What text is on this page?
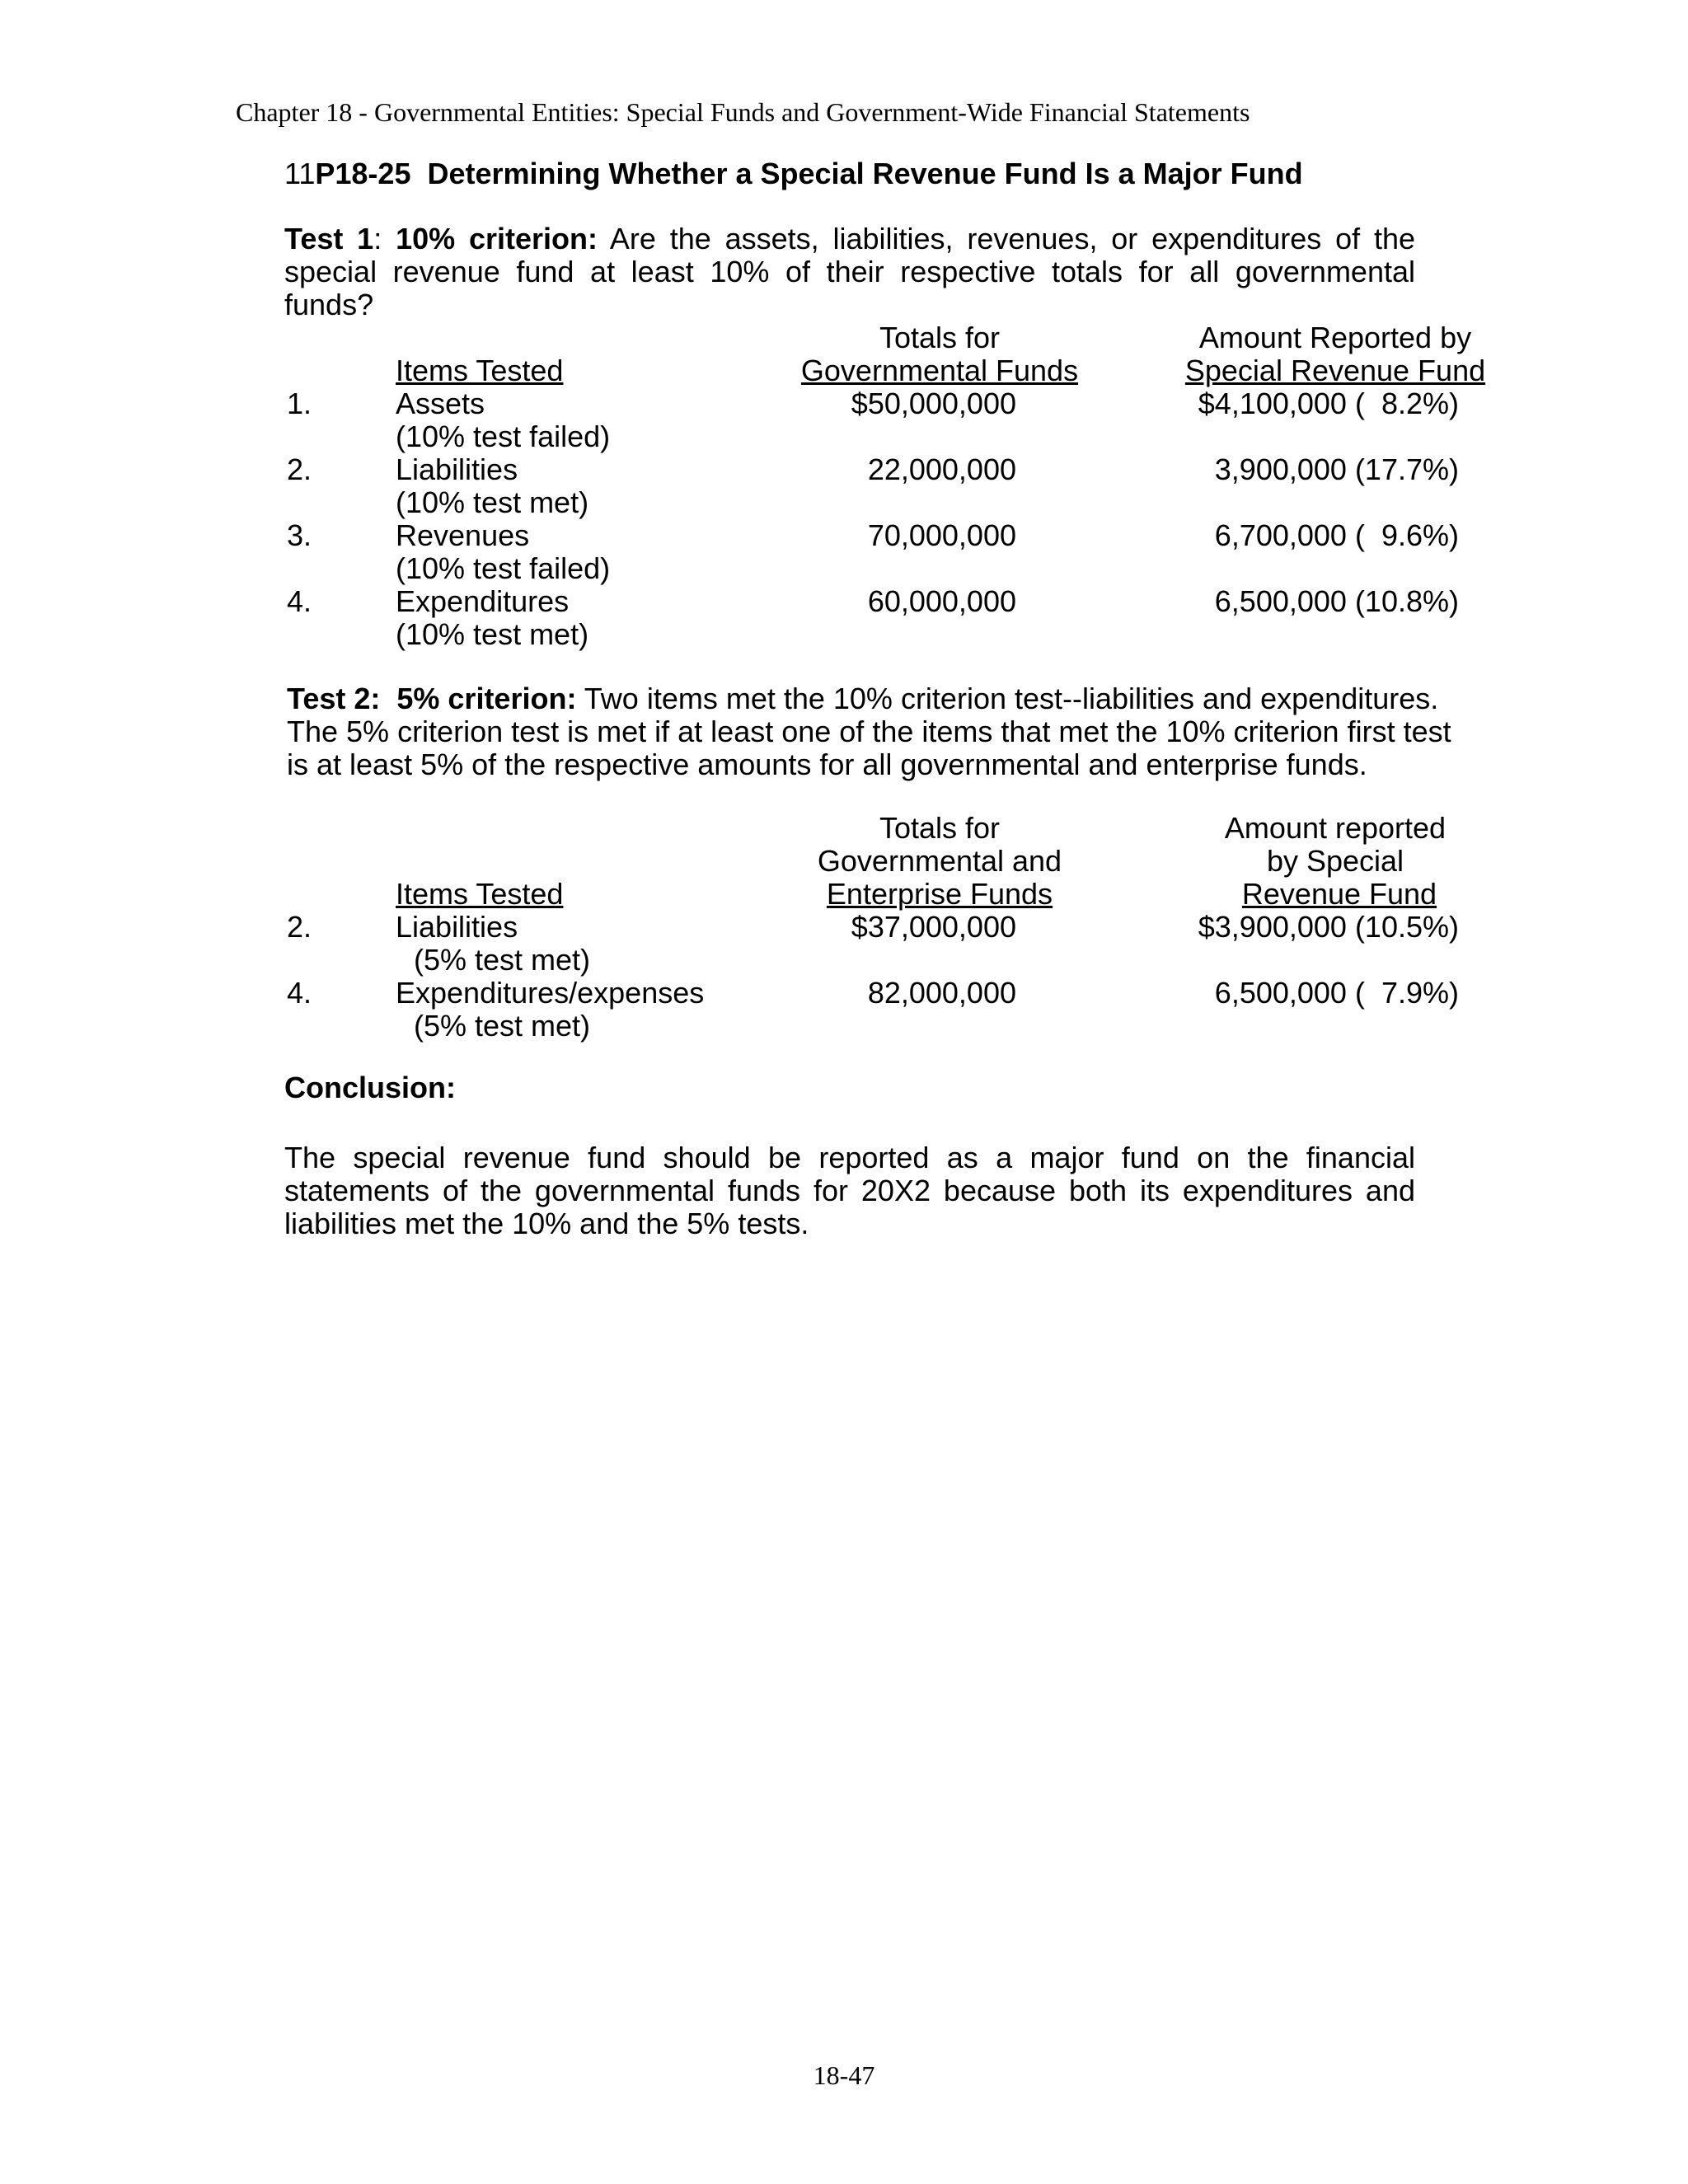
Chapter 18 - Governmental Entities: Special Funds and Government-Wide Financial Statements
11P18-25  Determining Whether a Special Revenue Fund Is a Major Fund
Test 1: 10% criterion: Are the assets, liabilities, revenues, or expenditures of the special revenue fund at least 10% of their respective totals for all governmental funds?
Totals for	Amount Reported by
Items Tested	Governmental Funds	Special Revenue Fund
1.	Assets	$50,000,000	$4,100,000 (  8.2%)
(10% test failed)
2.	Liabilities	22,000,000	3,900,000 (17.7%)
(10% test met)
3.	Revenues	70,000,000	6,700,000 (  9.6%)
(10% test failed)
4.	Expenditures	60,000,000	6,500,000 (10.8%)
(10% test met)
Test 2:  5% criterion: Two items met the 10% criterion test--liabilities and expenditures.
The 5% criterion test is met if at least one of the items that met the 10% criterion first test
is at least 5% of the respective amounts for all governmental and enterprise funds.
Totals for	Amount reported
Governmental and	by Special
Items Tested	Enterprise Funds	Revenue Fund
2.	Liabilities	$37,000,000	$3,900,000 (10.5%)
(5% test met)
4.	Expenditures/expenses	82,000,000	6,500,000 (  7.9%)
(5% test met)
Conclusion:
The special revenue fund should be reported as a major fund on the financial statements of the governmental funds for 20X2 because both its expenditures and liabilities met the 10% and the 5% tests.
18-47
